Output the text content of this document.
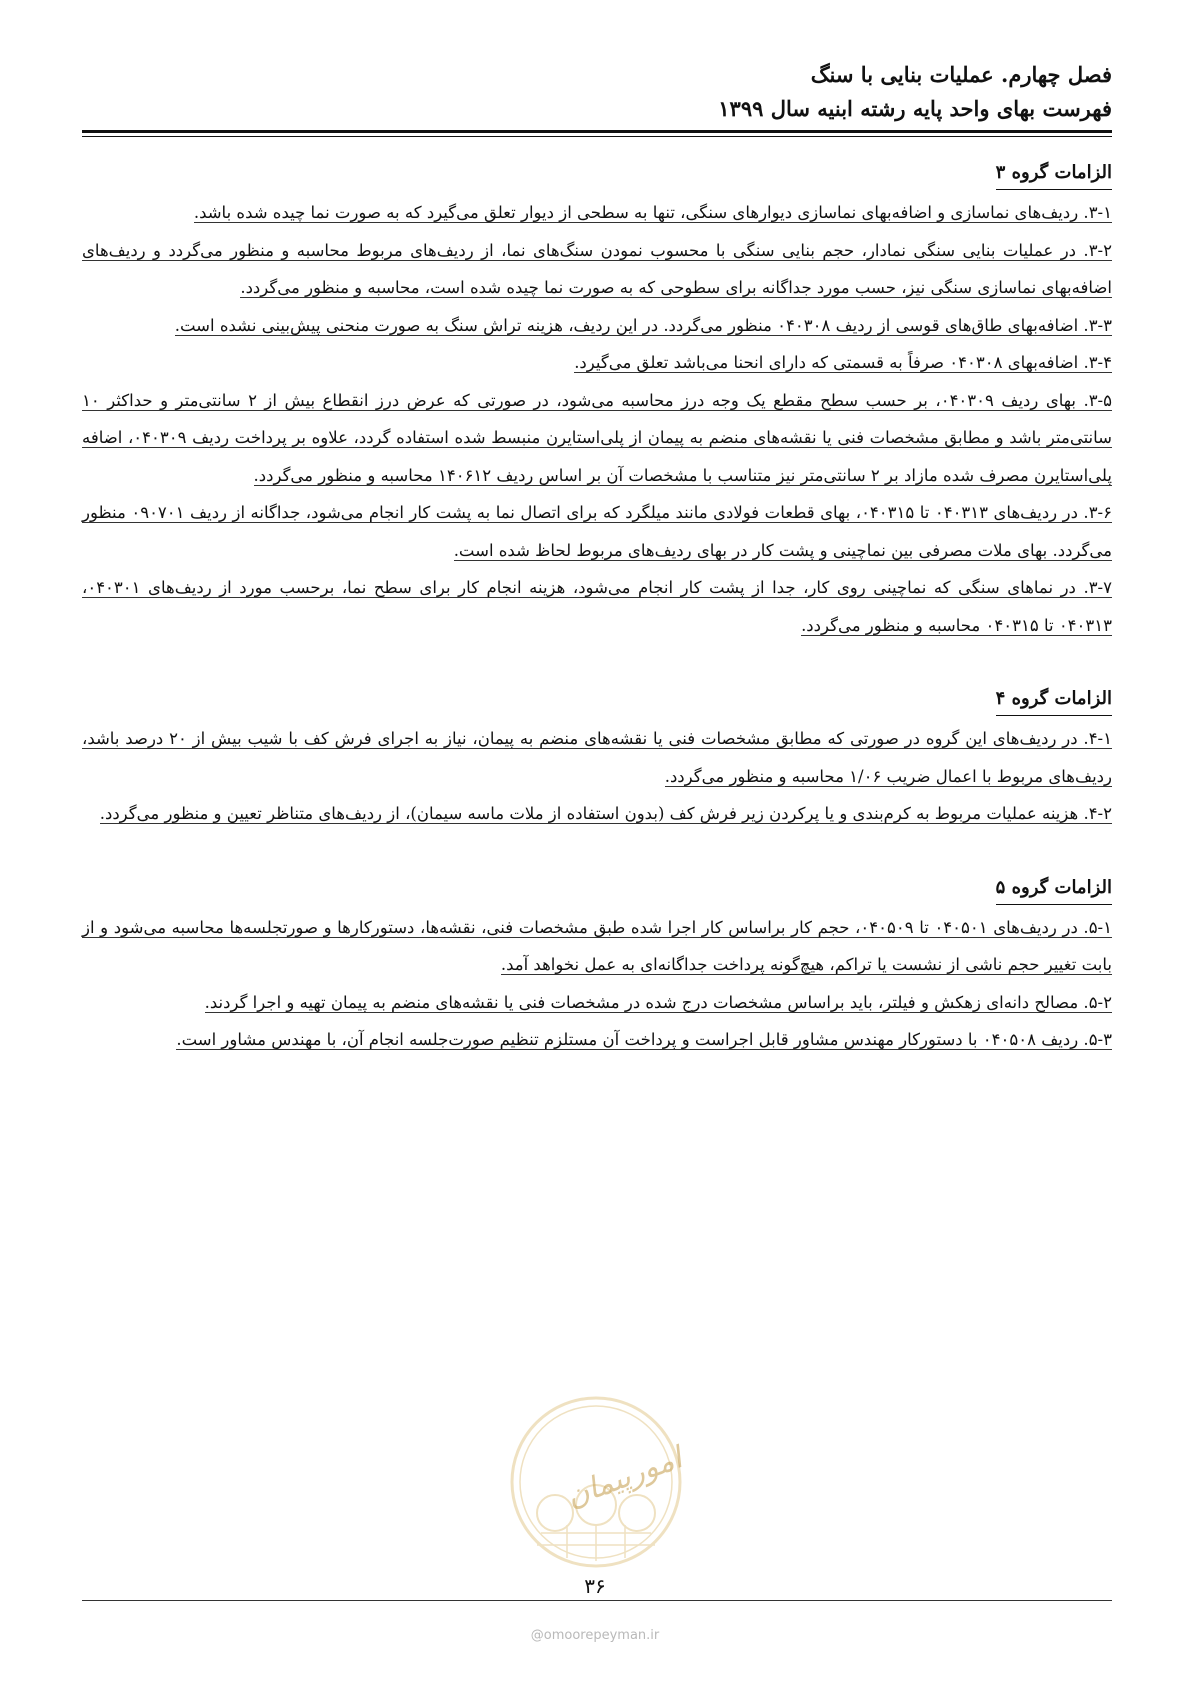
فصل چهارم. عملیات بنایی با سنگ
فهرست بهای واحد پایه رشته ابنیه سال ۱۳۹۹
الزامات گروه ۳
۳-۱. ردیف‌های نماسازی و اضافه‌بهای نماسازی دیوارهای سنگی، تنها به سطحی از دیوار تعلق می‌گیرد که به صورت نما چیده شده باشد.
۳-۲. در عملیات بنایی سنگی نمادار، حجم بنایی سنگی با محسوب نمودن سنگ‌های نما، از ردیف‌های مربوط محاسبه و منظور می‌گردد و ردیف‌های اضافه‌بهای نماسازی سنگی نیز، حسب مورد جداگانه برای سطوحی که به صورت نما چیده شده است، محاسبه و منظور می‌گردد.
۳-۳. اضافه‌بهای طاق‌های قوسی از ردیف ۰۴۰۳۰۸ منظور می‌گردد. در این ردیف، هزینه تراش سنگ به صورت منحنی پیش‌بینی نشده است.
۳-۴. اضافه‌بهای ۰۴۰۳۰۸ صرفاً به قسمتی که دارای انحنا می‌باشد تعلق می‌گیرد.
۳-۵. بهای ردیف ۰۴۰۳۰۹، بر حسب سطح مقطع یک وجه درز محاسبه می‌شود، در صورتی که عرض درز انقطاع بیش از ۲ سانتی‌متر و حداکثر ۱۰ سانتی‌متر باشد و مطابق مشخصات فنی یا نقشه‌های منضم به پیمان از پلی‌استایرن منبسط شده استفاده گردد، علاوه بر پرداخت ردیف ۰۴۰۳۰۹، اضافه پلی‌استایرن مصرف شده مازاد بر ۲ سانتی‌متر نیز متناسب با مشخصات آن بر اساس ردیف ۱۴۰۶۱۲ محاسبه و منظور می‌گردد.
۳-۶. در ردیف‌های ۰۴۰۳۱۳ تا ۰۴۰۳۱۵، بهای قطعات فولادی مانند میلگرد که برای اتصال نما به پشت کار انجام می‌شود، جداگانه از ردیف ۰۹۰۷۰۱ منظور می‌گردد. بهای ملات مصرفی بین نماچینی و پشت کار در بهای ردیف‌های مربوط لحاظ شده است.
۳-۷. در نماهای سنگی که نماچینی روی کار، جدا از پشت کار انجام می‌شود، هزینه انجام کار برای سطح نما، برحسب مورد از ردیف‌های ۰۴۰۳۰۱، ۰۴۰۳۱۳ تا ۰۴۰۳۱۵ محاسبه و منظور می‌گردد.
الزامات گروه ۴
۴-۱. در ردیف‌های این گروه در صورتی که مطابق مشخصات فنی یا نقشه‌های منضم به پیمان، نیاز به اجرای فرش کف با شیب بیش از ۲۰ درصد باشد، ردیف‌های مربوط با اعمال ضریب ۱/۰۶ محاسبه و منظور می‌گردد.
۴-۲. هزینه عملیات مربوط به کرم‌بندی و یا پرکردن زیر فرش کف (بدون استفاده از ملات ماسه سیمان)، از ردیف‌های متناظر تعیین و منظور می‌گردد.
الزامات گروه ۵
۵-۱. در ردیف‌های ۰۴۰۵۰۱ تا ۰۴۰۵۰۹، حجم کار براساس کار اجرا شده طبق مشخصات فنی، نقشه‌ها، دستورکارها و صورتجلسه‌ها محاسبه می‌شود و از بابت تغییر حجم ناشی از نشست یا تراکم، هیچ‌گونه پرداخت جداگانه‌ای به عمل نخواهد آمد.
۵-۲. مصالح دانه‌ای زهکش و فیلتر، باید براساس مشخصات درج شده در مشخصات فنی یا نقشه‌های منضم به پیمان تهیه و اجرا گردند.
۵-۳. ردیف ۰۴۰۵۰۸ با دستورکار مهندس مشاور قابل اجراست و پرداخت آن مستلزم تنظیم صورت‌جلسه انجام آن، با مهندس مشاور است.
امورپیمان
۳۶
@omoorepeyman.ir
